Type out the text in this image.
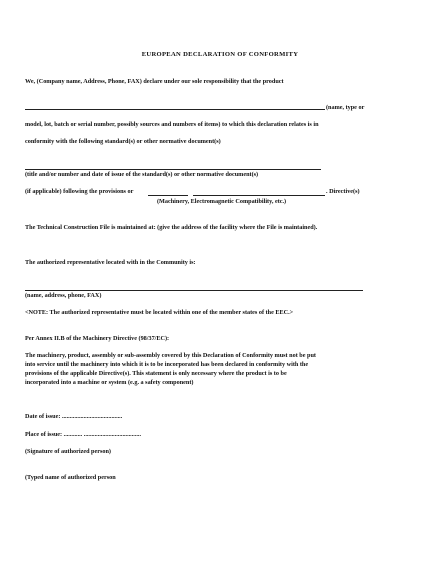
EUROPEAN DECLARATION OF CONFORMITY
We, (Company name, Address, Phone, FAX) declare under our sole responsibility that the product
(name, type or
model, lot, batch or serial number, possibly sources and numbers of items) to which this declaration relates is in
conformity with the following standard(s) or other normative document(s)
(title and/or number and date of issue of the standard(s) or other normative document(s)
(if applicable) following the provisions or	. Directive(s)
(Machinery, Electromagnetic Compatibility, etc.)
The Technical Construction File is maintained at: (give the address of the facility where the File is maintained).
The authorized representative located with in the Community is:
(name, address, phone, FAX)
<NOTE: The authorized representative must be located within one of the member states of the EEC.>
Per Annex II.B of the Machinery Directive (98/37/EC):
The machinery, product, assembly or sub-assembly covered by this Declaration of Conformity must not be put
into service until the machinery into which it is to be incorporated has been declared in conformity with the
provisions of the applicable Directive(s). This statement is only necessary where the product is to be
incorporated into a machine or system (e.g. a safety component)
Date of issue: .......................................
Place of issue: ............ .....................................
(Signature of authorized person)
(Typed name of authorized person
